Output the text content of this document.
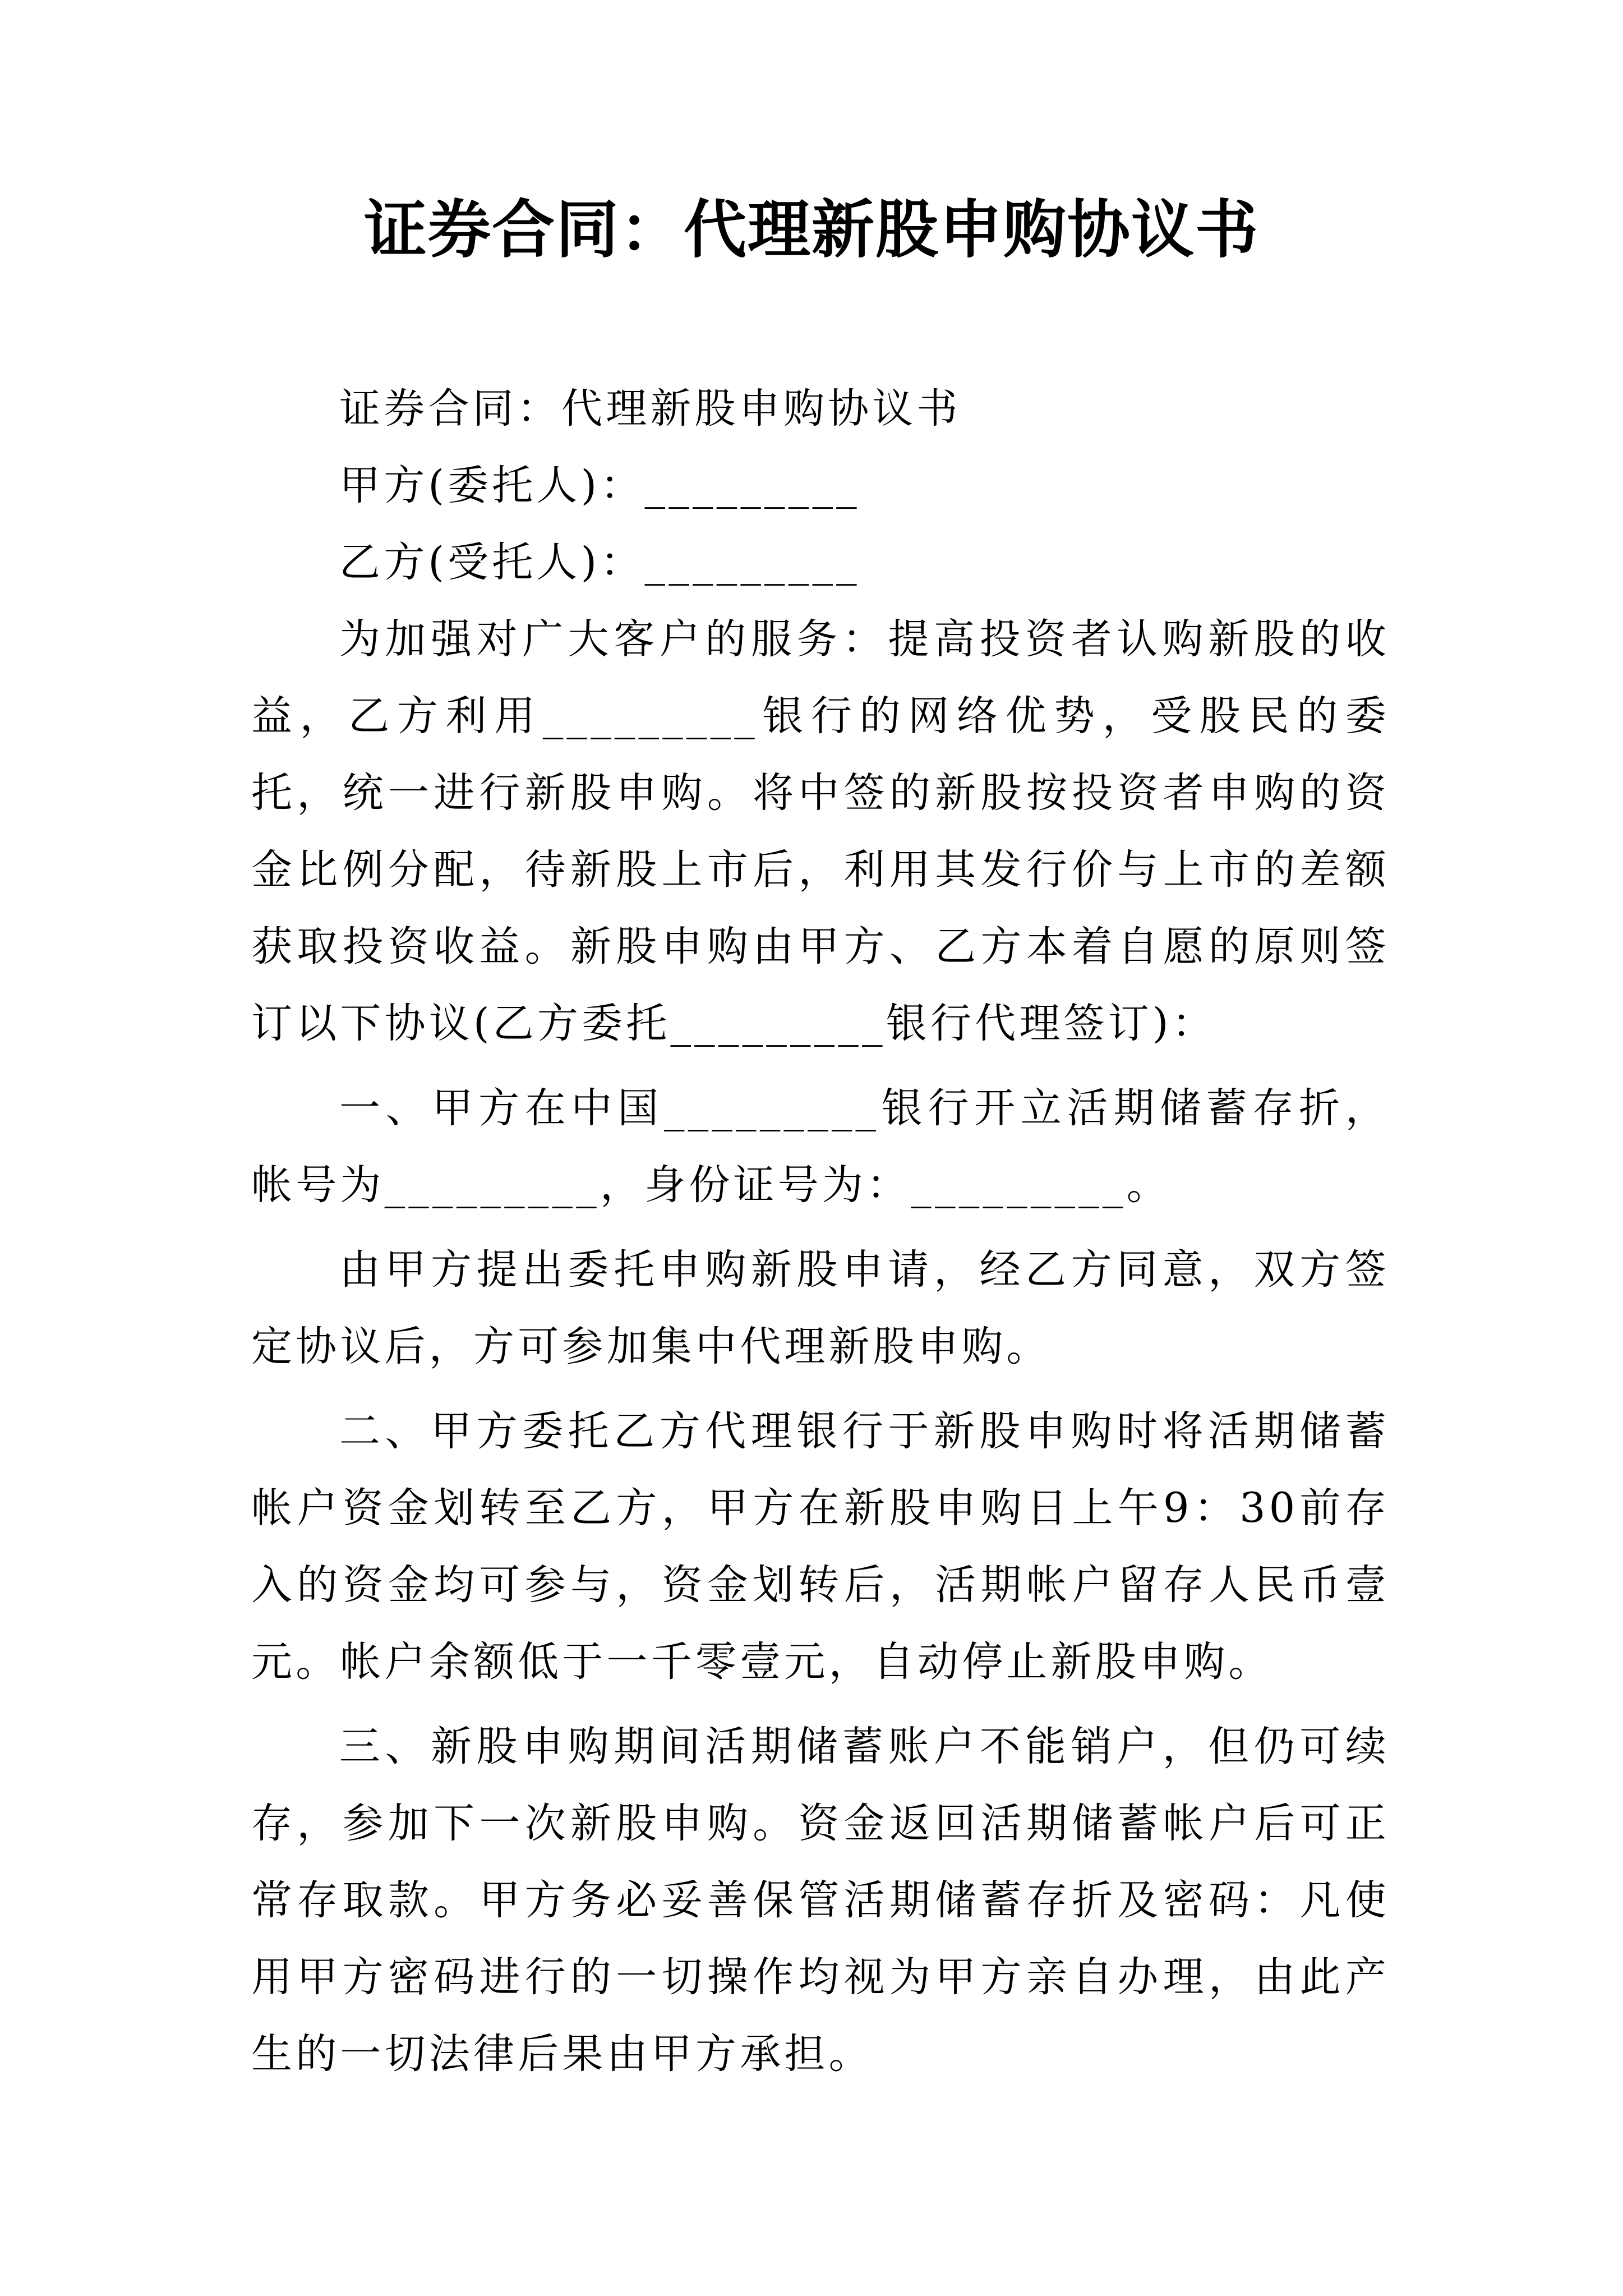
证券合同：代理新股申购协议书

证券合同：代理新股申购协议书

甲方(委托人)：_________

乙方(受托人)：_________

为加强对广大客户的服务：提高投资者认购新股的收益，乙方利用_________银行的网络优势，受股民的委托，统一进行新股申购。将中签的新股按投资者申购的资金比例分配，待新股上市后，利用其发行价与上市的差额获取投资收益。新股申购由甲方、乙方本着自愿的原则签订以下协议(乙方委托_________银行代理签订)：

一、甲方在中国_________银行开立活期储蓄存折，帐号为_________，身份证号为：_________。

由甲方提出委托申购新股申请，经乙方同意，双方签定协议后，方可参加集中代理新股申购。

二、甲方委托乙方代理银行于新股申购时将活期储蓄帐户资金划转至乙方，甲方在新股申购日上午9：30前存入的资金均可参与，资金划转后，活期帐户留存人民币壹元。帐户余额低于一千零壹元，自动停止新股申购。

三、新股申购期间活期储蓄账户不能销户，但仍可续存，参加下一次新股申购。资金返回活期储蓄帐户后可正常存取款。甲方务必妥善保管活期储蓄存折及密码：凡使用甲方密码进行的一切操作均视为甲方亲自办理，由此产生的一切法律后果由甲方承担。
